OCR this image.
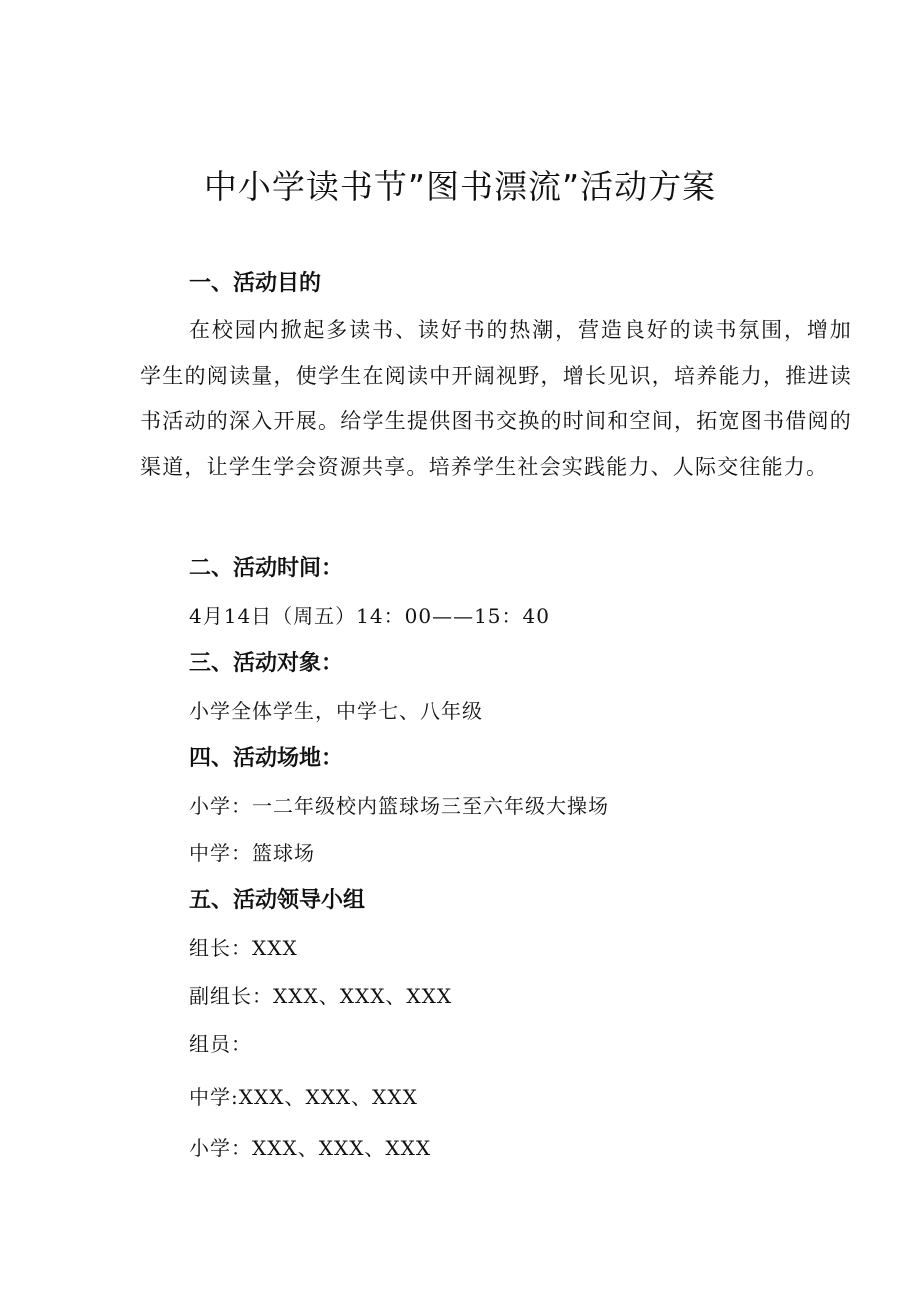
中小学读书节”图书漂流”活动方案
一、活动目的

在校园内掀起多读书、读好书的热潮，营造良好的读书氛围，增加学生的阅读量，使学生在阅读中开阔视野，增长见识，培养能力，推进读书活动的深入开展。给学生提供图书交换的时间和空间，拓宽图书借阅的渠道，让学生学会资源共享。培养学生社会实践能力、人际交往能力。

二、活动时间：

4月14日（周五）14：00——15：40

三、活动对象：

小学全体学生，中学七、八年级

四、活动场地：

小学：一二年级校内篮球场三至六年级大操场

中学：篮球场

五、活动领导小组

组长：XXX

副组长：XXX、XXX、XXX

组员：

中学:XXX、XXX、XXX

小学：XXX、XXX、XXX
